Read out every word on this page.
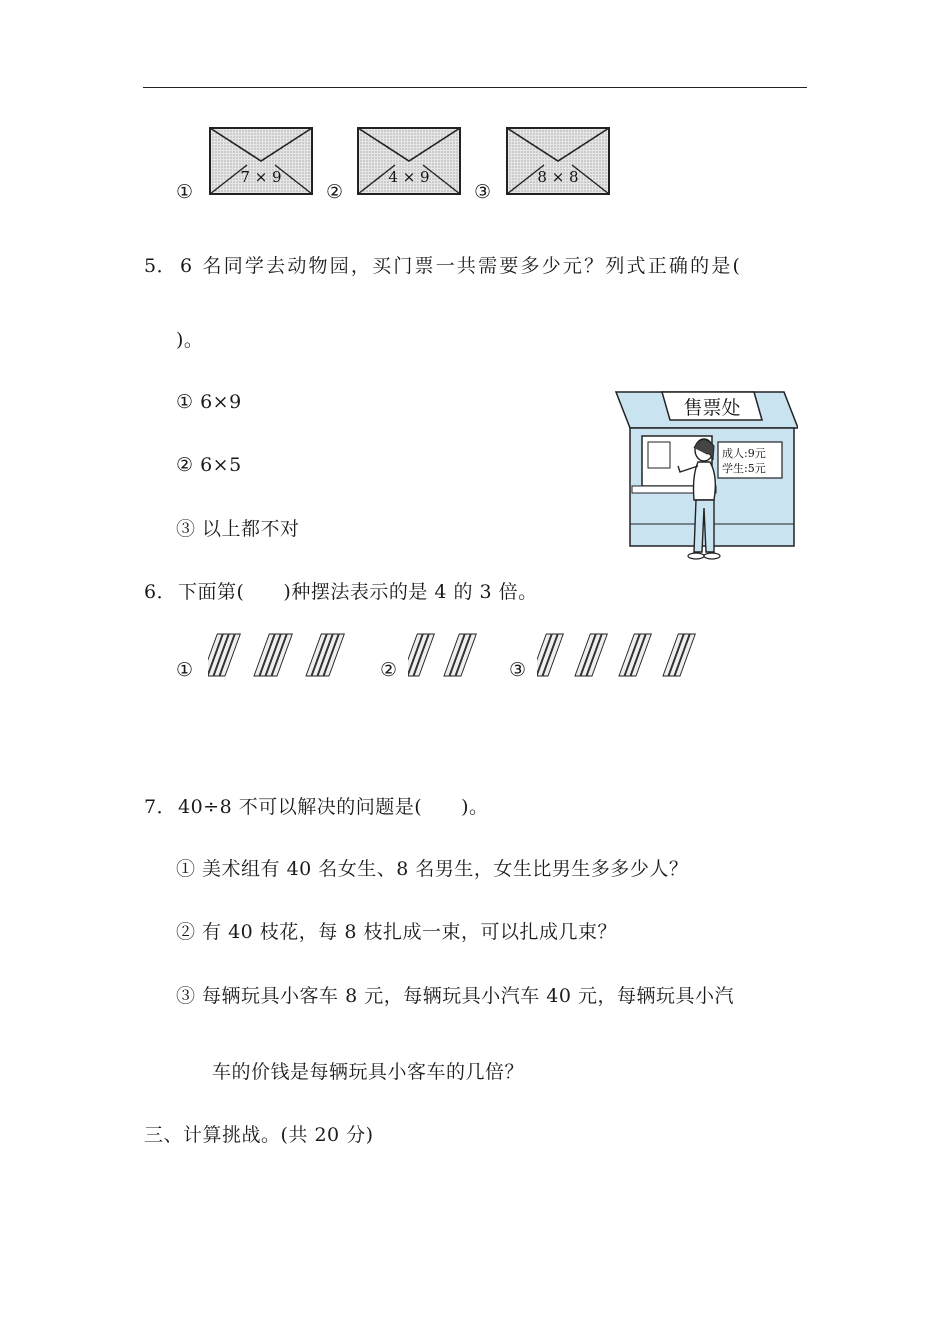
①
7 × 9
②
4 × 9
③
8 × 8
5． 6 名同学去动物园，买门票一共需要多少元？列式正确的是(
)。
① 6×9
② 6×5
③ 以上都不对
售票处
成人:9元
学生:5元
6． 下面第(　　)种摆法表示的是 4 的 3 倍。
①	②	③
7． 40÷8 不可以解决的问题是(　　)。
① 美术组有 40 名女生、8 名男生，女生比男生多多少人？
② 有 40 枝花，每 8 枝扎成一束，可以扎成几束？
③ 每辆玩具小客车 8 元，每辆玩具小汽车 40 元，每辆玩具小汽
车的价钱是每辆玩具小客车的几倍？
三、计算挑战。(共 20 分)
